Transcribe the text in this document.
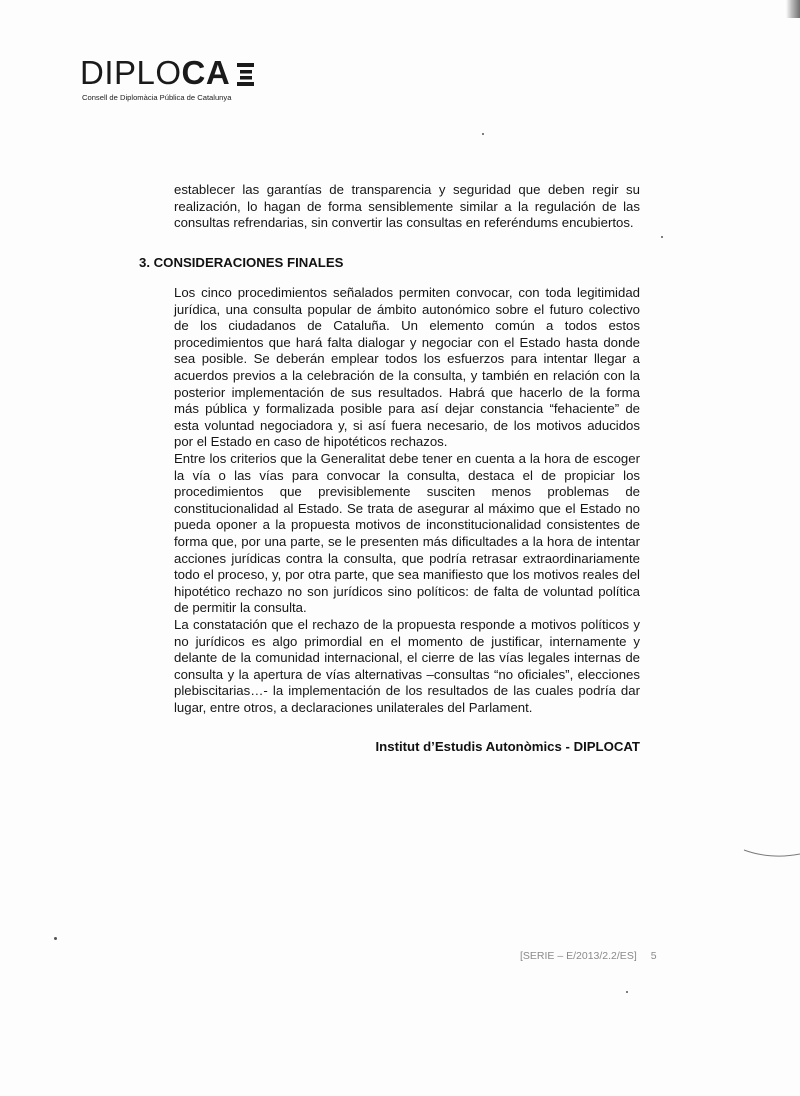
DIPLOCA
Consell de Diplomàcia Pública de Catalunya

establecer las garantías de transparencia y seguridad que deben regir su realización, lo hagan de forma sensiblemente similar a la regulación de las consultas refrendarias, sin convertir las consultas en referéndums encubiertos.

3. CONSIDERACIONES FINALES

Los cinco procedimientos señalados permiten convocar, con toda legitimidad jurídica, una consulta popular de ámbito autonómico sobre el futuro colectivo de los ciudadanos de Cataluña. Un elemento común a todos estos procedimientos que hará falta dialogar y negociar con el Estado hasta donde sea posible. Se deberán emplear todos los esfuerzos para intentar llegar a acuerdos previos a la celebración de la consulta, y también en relación con la posterior implementación de sus resultados. Habrá que hacerlo de la forma más pública y formalizada posible para así dejar constancia “fehaciente” de esta voluntad negociadora y, si así fuera necesario, de los motivos aducidos por el Estado en caso de hipotéticos rechazos.

Entre los criterios que la Generalitat debe tener en cuenta a la hora de escoger la vía o las vías para convocar la consulta, destaca el de propiciar los procedimientos que previsiblemente susciten menos problemas de constitucionalidad al Estado. Se trata de asegurar al máximo que el Estado no pueda oponer a la propuesta motivos de inconstitucionalidad consistentes de forma que, por una parte, se le presenten más dificultades a la hora de intentar acciones jurídicas contra la consulta, que podría retrasar extraordinariamente todo el proceso, y, por otra parte, que sea manifiesto que los motivos reales del hipotético rechazo no son jurídicos sino políticos: de falta de voluntad política de permitir la consulta.

La constatación que el rechazo de la propuesta responde a motivos políticos y no jurídicos es algo primordial en el momento de justificar, internamente y delante de la comunidad internacional, el cierre de las vías legales internas de consulta y la apertura de vías alternativas –consultas “no oficiales”, elecciones plebiscitarias…- la implementación de los resultados de las cuales podría dar lugar, entre otros, a declaraciones unilaterales del Parlament.

Institut d’Estudis Autonòmics - DIPLOCAT
[SERIE – E/2013/2.2/ES] 5
